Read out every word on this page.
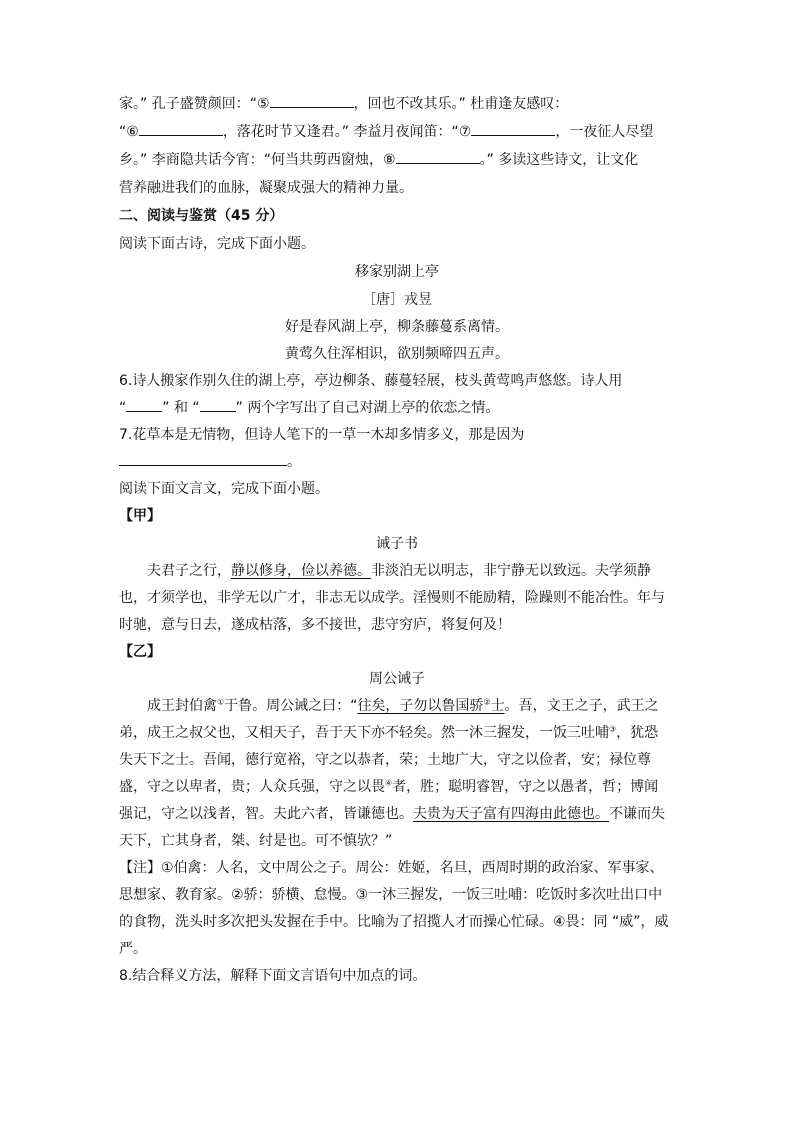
家。” 孔子盛赞颜回：“⑤	，回也不改其乐。” 杜甫逢友感叹：
“⑥	，落花时节又逢君。” 李益月夜闻笛：“⑦	，一夜征人尽望
乡。” 李商隐共话今宵：“何当共剪西窗烛，⑧	。” 多读这些诗文，让文化
营养融进我们的血脉，凝聚成强大的精神力量。
二、阅读与鉴赏（45 分）
阅读下面古诗，完成下面小题。
移家别湖上亭
［唐］戎昱
好是春风湖上亭，柳条藤蔓系离情。
黄莺久住浑相识，欲别频啼四五声。
6.诗人搬家作别久住的湖上亭，亭边柳条、藤蔓轻展，枝头黄莺鸣声悠悠。诗人用
“	” 和 “	” 两个字写出了自己对湖上亭的依恋之情。
7.花草本是无情物，但诗人笔下的一草一木却多情多义，那是因为
。
阅读下面文言文，完成下面小题。
【甲】
诫子书
夫君子之行，静以修身，俭以养德。非淡泊无以明志，非宁静无以致远。夫学须静
也，才须学也，非学无以广才，非志无以成学。淫慢则不能励精，险躁则不能冶性。年与
时驰，意与日去，遂成枯落，多不接世，悲守穷庐，将复何及！
【乙】
周公诫子
成王封伯禽①于鲁。周公诫之曰：“往矣，子勿以鲁国骄②士。吾，文王之子，武王之
弟，成王之叔父也，又相天子，吾于天下亦不轻矣。然一沐三握发，一饭三吐哺③，犹恐
失天下之士。吾闻，德行宽裕，守之以恭者，荣；土地广大，守之以俭者，安；禄位尊
盛，守之以卑者，贵；人众兵强，守之以畏④者，胜；聪明睿智，守之以愚者，哲；博闻
强记，守之以浅者，智。夫此六者，皆谦德也。夫贵为天子富有四海由此德也。不谦而失
天下，亡其身者，桀、纣是也。可不慎欤？”
【注】①伯禽：人名，文中周公之子。周公：姓姬，名旦，西周时期的政治家、军事家、
思想家、教育家。②骄：骄横、怠慢。③一沐三握发，一饭三吐哺：吃饭时多次吐出口中
的食物，洗头时多次把头发握在手中。比喻为了招揽人才而操心忙碌。④畏：同 “威”，威
严。
8.结合释义方法，解释下面文言语句中加点的词。
